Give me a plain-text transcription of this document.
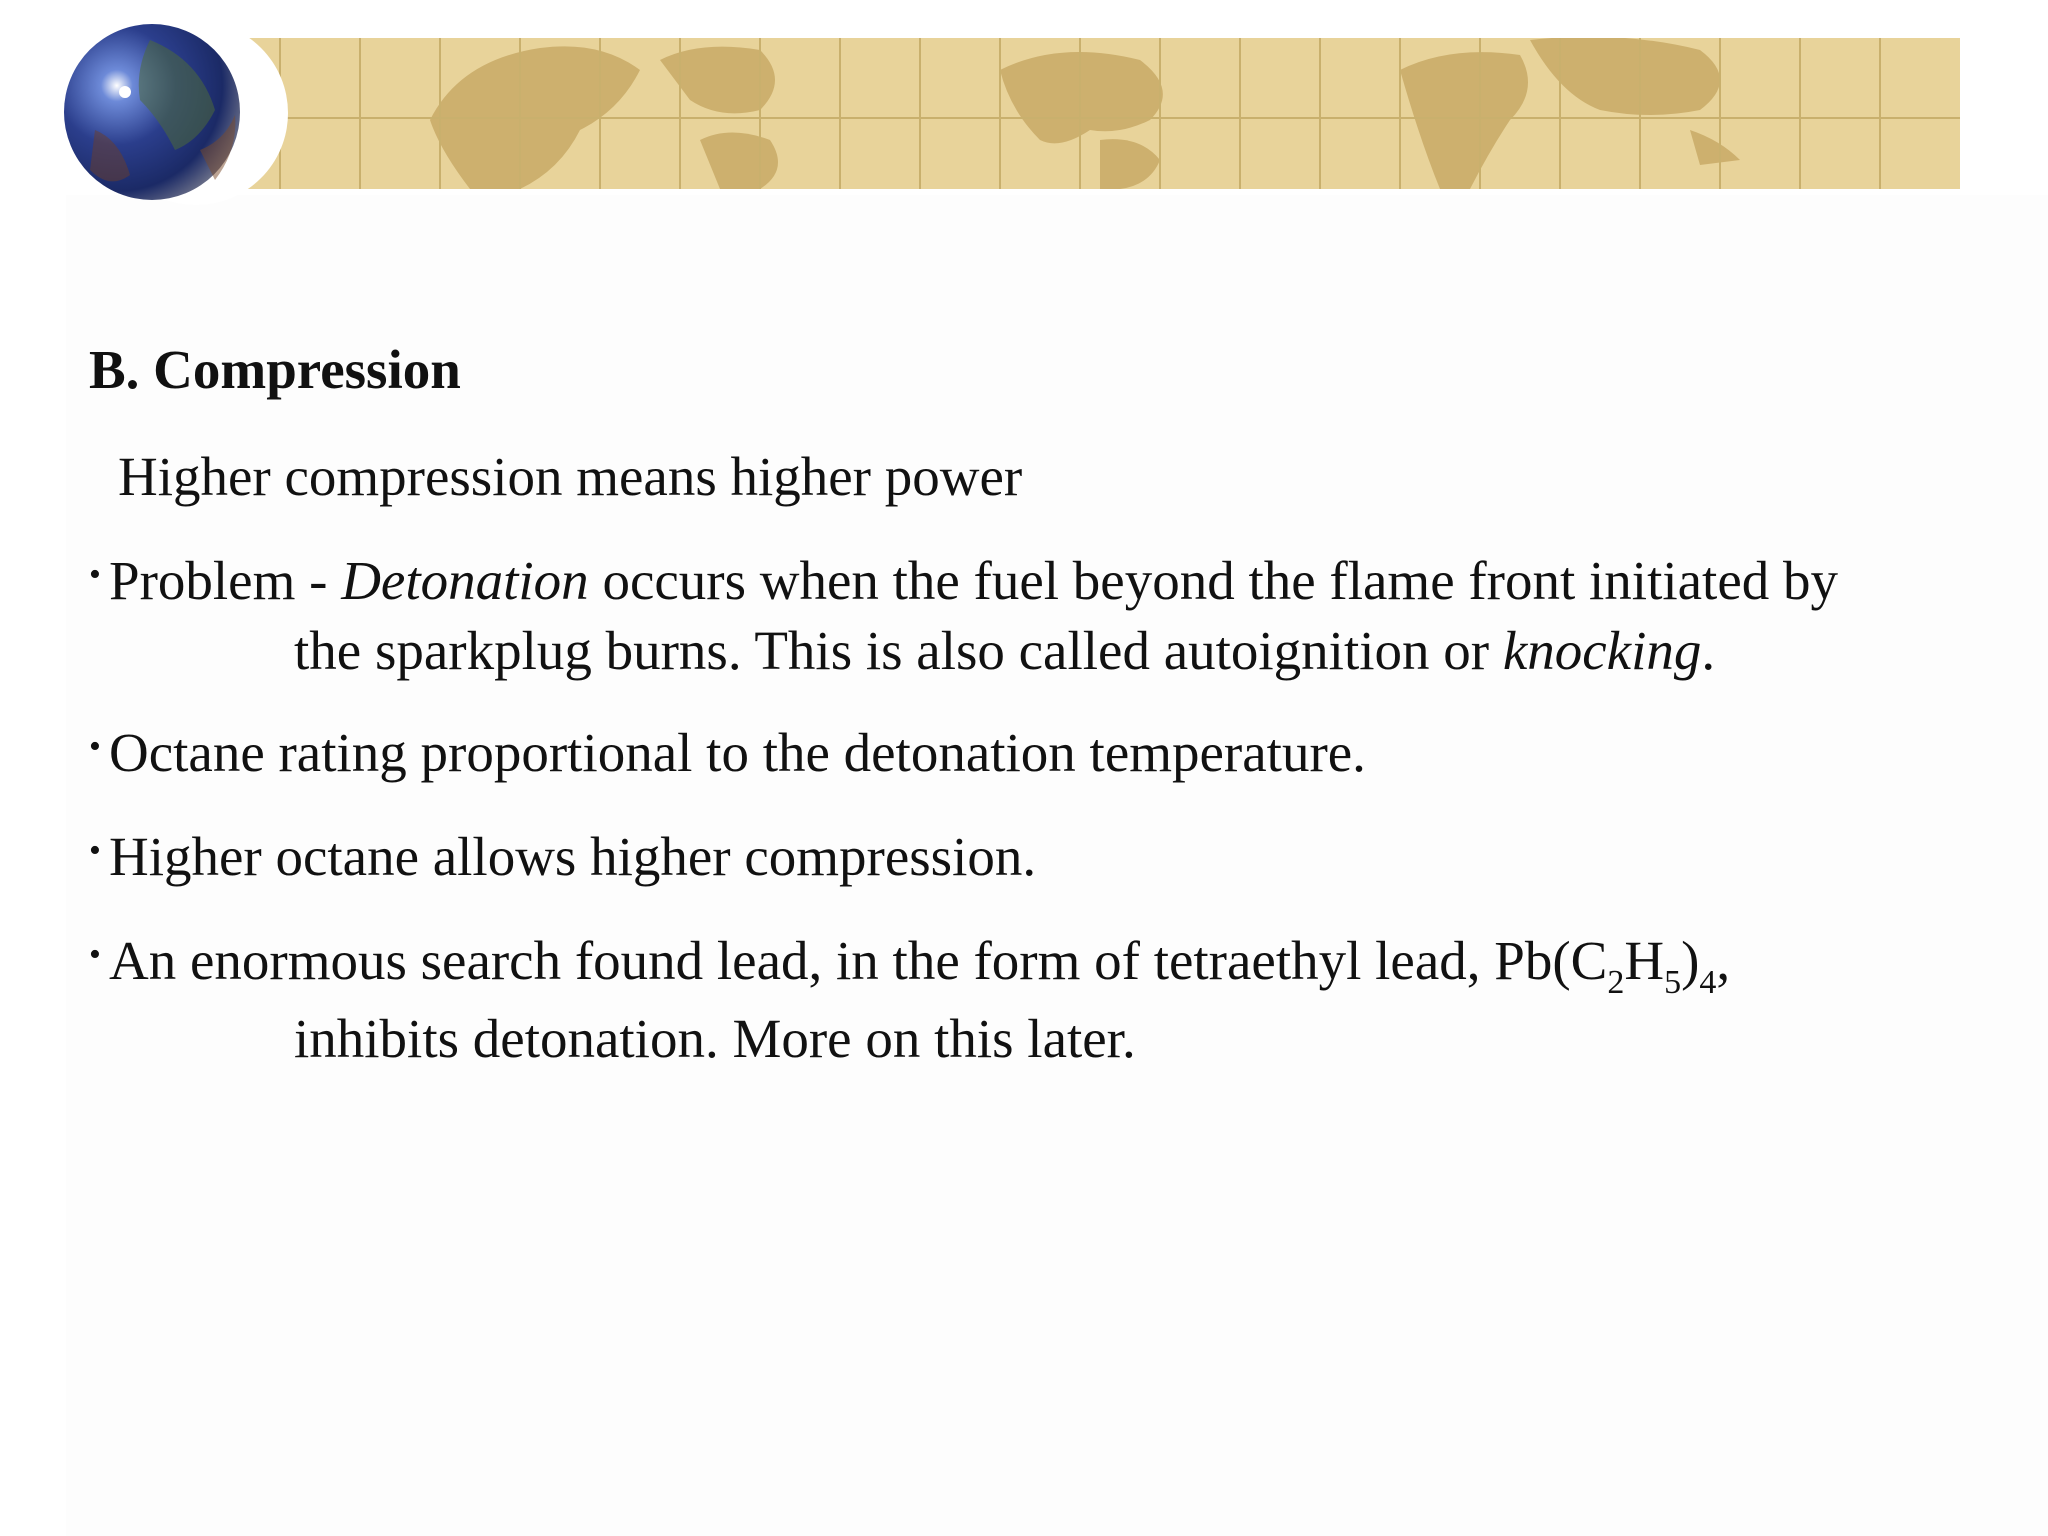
B. Compression

Higher compression means higher power

• Problem - Detonation occurs when the fuel beyond the flame front initiated by
the sparkplug burns. This is also called autoignition or knocking.

• Octane rating proportional to the detonation temperature.

• Higher octane allows higher compression.

• An enormous search found lead, in the form of tetraethyl lead, $Pb(C_2H_5)_4$,
inhibits detonation. More on this later.
